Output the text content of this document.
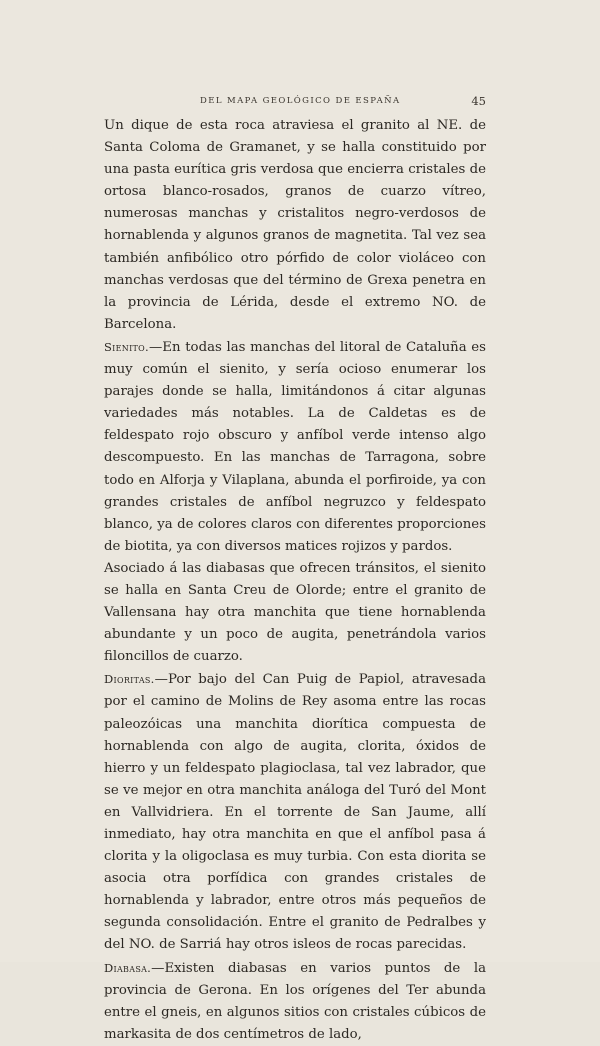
DEL MAPA GEOLÓGICO DE ESPAÑA	45

Un dique de esta roca atraviesa el granito al NE. de Santa Coloma de Gramanet, y se halla constituido por una pasta eurítica gris verdosa que encierra cristales de ortosa blanco-rosados, granos de cuarzo vítreo, numerosas manchas y cristalitos negro-verdosos de hornablenda y algunos granos de magnetita. Tal vez sea también anfibólico otro pórfido de color violáceo con manchas verdosas que del término de Grexa penetra en la provincia de Lérida, desde el extremo NO. de Barcelona.

Sienito.—En todas las manchas del litoral de Cataluña es muy común el sienito, y sería ocioso enumerar los parajes donde se halla, limitándonos á citar algunas variedades más notables. La de Caldetas es de feldespato rojo obscuro y anfíbol verde intenso algo descompuesto. En las manchas de Tarragona, sobre todo en Alforja y Vilaplana, abunda el porfiroide, ya con grandes cristales de anfíbol negruzco y feldespato blanco, ya de colores claros con diferentes proporciones de biotita, ya con diversos matices rojizos y pardos.

Asociado á las diabasas que ofrecen tránsitos, el sienito se halla en Santa Creu de Olorde; entre el granito de Vallensana hay otra manchita que tiene hornablenda abundante y un poco de augita, penetrándola varios filoncillos de cuarzo.

Dioritas.—Por bajo del Can Puig de Papiol, atravesada por el camino de Molins de Rey asoma entre las rocas paleozóicas una manchita diorítica compuesta de hornablenda con algo de augita, clorita, óxidos de hierro y un feldespato plagioclasa, tal vez labrador, que se ve mejor en otra manchita análoga del Turó del Mont en Vallvidriera. En el torrente de San Jaume, allí inmediato, hay otra manchita en que el anfíbol pasa á clorita y la oligoclasa es muy turbia. Con esta diorita se asocia otra porfídica con grandes cristales de hornablenda y labrador, entre otros más pequeños de segunda consolidación. Entre el granito de Pedralbes y del NO. de Sarriá hay otros isleos de rocas parecidas.

Diabasa.—Existen diabasas en varios puntos de la provincia de Gerona. En los orígenes del Ter abunda entre el gneis, en algunos sitios con cristales cúbicos de markasita de dos centímetros de lado,
